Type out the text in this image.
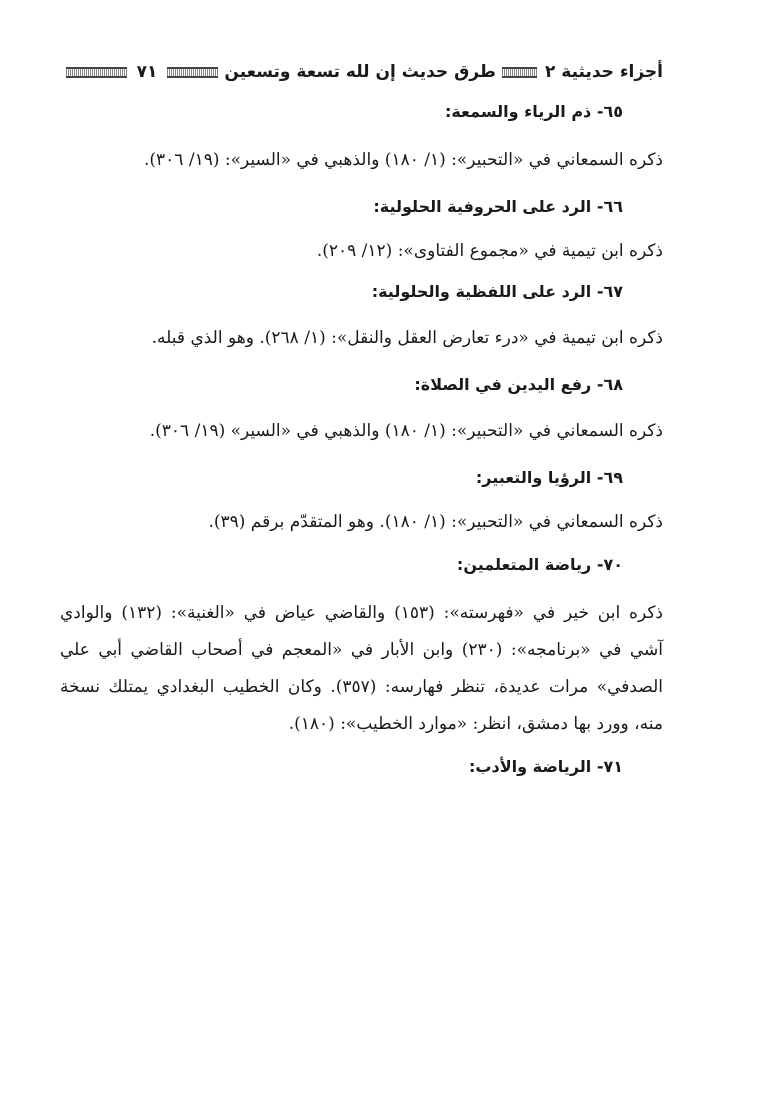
أجزاء حديثية ٢
طرق حديث إن لله تسعة وتسعين
٧١

٦٥- ذم الرياء والسمعة:

ذكره السمعاني في «التحبير»: (١/ ١٨٠) والذهبي في «السير»: (١٩/ ٣٠٦).

٦٦- الرد على الحروفية الحلولية:

ذكره ابن تيمية في «مجموع الفتاوى»: (١٢/ ٢٠٩).

٦٧- الرد على اللفظية والحلولية:

ذكره ابن تيمية في «درء تعارض العقل والنقل»: (١/ ٢٦٨). وهو الذي قبله.

٦٨- رفع اليدين في الصلاة:

ذكره السمعاني في «التحبير»: (١/ ١٨٠) والذهبي في «السير» (١٩/ ٣٠٦).

٦٩- الرؤيا والتعبير:

ذكره السمعاني في «التحبير»: (١/ ١٨٠). وهو المتقدّم برقم (٣٩).

٧٠- رياضة المتعلمين:

ذكره ابن خير في «فهرسته»: (١٥٣) والقاضي عياض في «الغنية»: (١٣٢) والوادي آشي في «برنامجه»: (٢٣٠) وابن الأبار في «المعجم في أصحاب القاضي أبي علي الصدفي» مرات عديدة، تنظر فهارسه: (٣٥٧). وكان الخطيب البغدادي يمتلك نسخة منه، وورد بها دمشق، انظر: «موارد الخطيب»: (١٨٠).

٧١- الرياضة والأدب:
